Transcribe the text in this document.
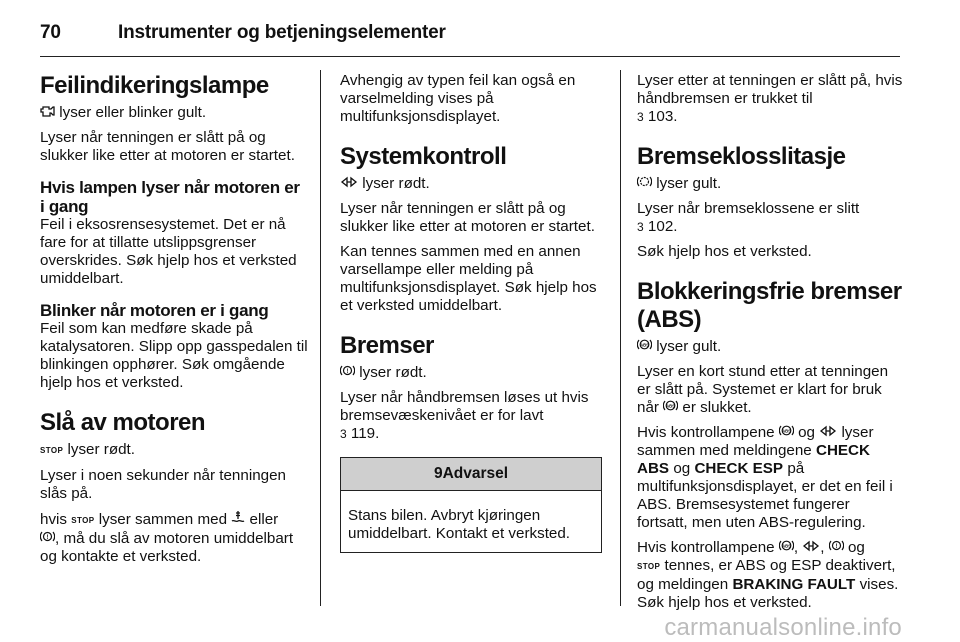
70	Instrumenter og betjeningselementer
Feilindikeringslampe

lyser eller blinker gult.

Lyser når tenningen er slått på og slukker like etter at motoren er startet.

Hvis lampen lyser når motoren er i gang

Feil i eksosrensesystemet. Det er nå fare for at tillatte utslippsgrenser overskrides. Søk hjelp hos et verksted umiddelbart.

Blinker når motoren er i gang

Feil som kan medføre skade på katalysatoren. Slipp opp gasspedalen til blinkingen opphører. Søk omgående hjelp hos et verksted.

Slå av motoren

STOP lyser rødt.

Lyser i noen sekunder når tenningen slås på.

hvis STOP lyser sammen med eller

! , må du slå av motoren umiddelbart og kontakte et verksted.

Avhengig av typen feil kan også en varselmelding vises på multifunksjonsdisplayet.

Systemkontroll

lyser rødt.

Lyser når tenningen er slått på og slukker like etter at motoren er startet.

Kan tennes sammen med en annen varsellampe eller melding på multifunksjonsdisplayet. Søk hjelp hos et verksted umiddelbart.

Bremser

! lyser rødt.

Lyser når håndbremsen løses ut hvis bremsevæskenivået er for lavt
3 119.

9Advarsel
Stans bilen. Avbryt kjøringen umiddelbart. Kontakt et verksted.

Lyser etter at tenningen er slått på, hvis håndbremsen er trukket til
3 103.

Bremseklosslitasje

lyser gult.

Lyser når bremseklossene er slitt
3 102.

Søk hjelp hos et verksted.

Blokkeringsfrie bremser (ABS)

ABS lyser gult.

Lyser en kort stund etter at tenningen er slått på. Systemet er klart for bruk når ABS er slukket.

Hvis kontrollampene ABS og lyser sammen med meldingene CHECK ABS og CHECK ESP på multifunksjonsdisplayet, er det en feil i ABS. Bremsesystemet fungerer fortsatt, men uten ABS-regulering.

Hvis kontrollampene ABS , , ! og
STOP tennes, er ABS og ESP deaktivert, og meldingen BRAKING FAULT vises. Søk hjelp hos et verksted.

carmanualsonline.info
